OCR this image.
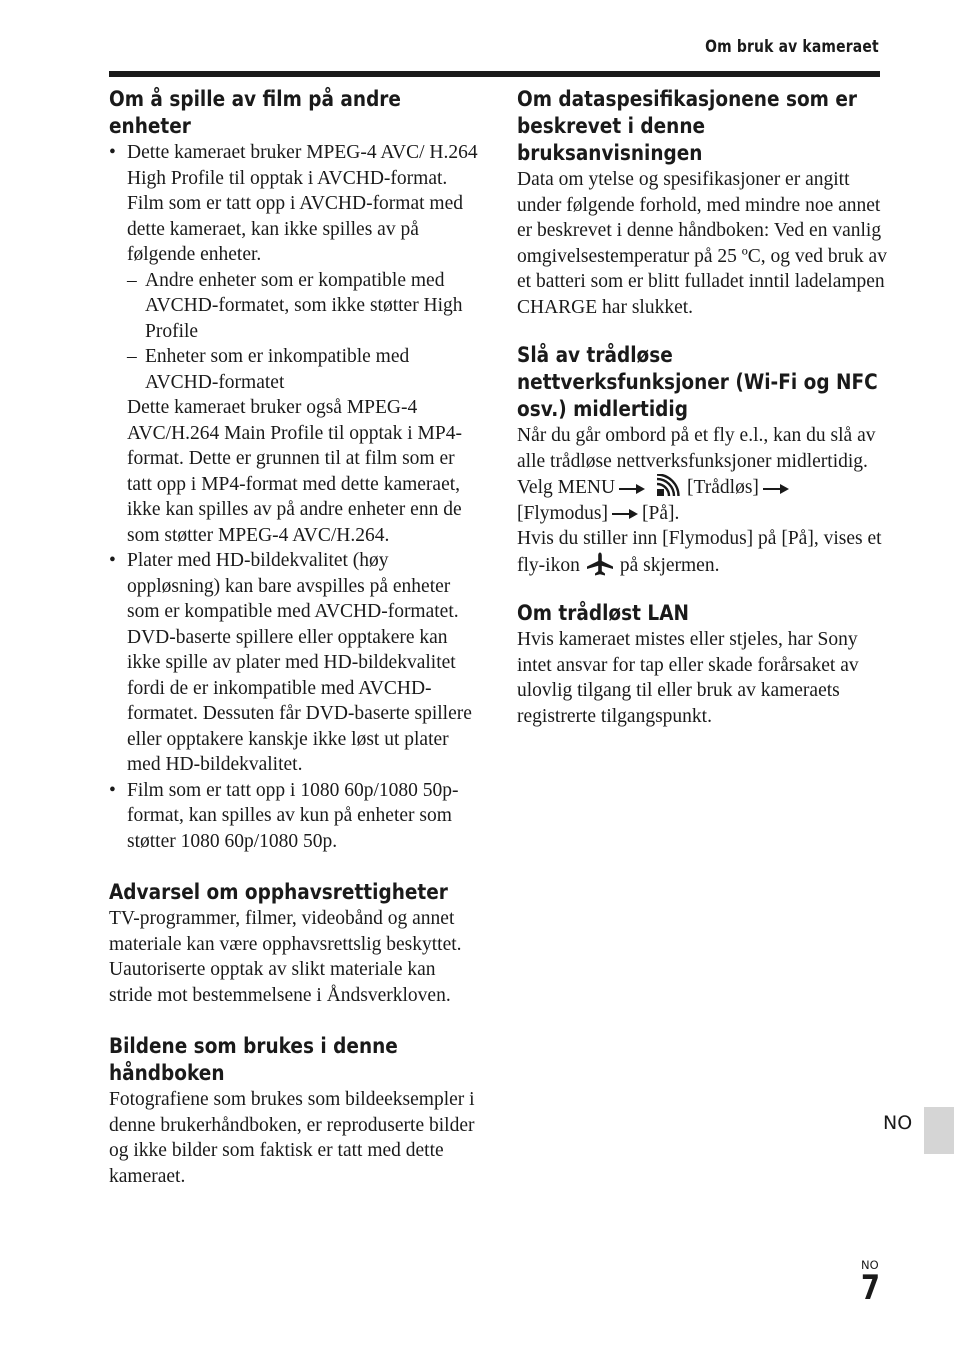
Om bruk av kameraet
Om å spille av film på andre enheter

• Dette kameraet bruker MPEG-4 AVC/ H.264 High Profile til opptak i AVCHD-format. Film som er tatt opp i AVCHD-format med dette kameraet, kan ikke spilles av på følgende enheter.

– Andre enheter som er kompatible med AVCHD-formatet, som ikke støtter High Profile
– Enheter som er inkompatible med AVCHD-formatet

Dette kameraet bruker også MPEG-4 AVC/H.264 Main Profile til opptak i MP4-format. Dette er grunnen til at film som er tatt opp i MP4-format med dette kameraet, ikke kan spilles av på andre enheter enn de som støtter MPEG-4 AVC/H.264.

• Plater med HD-bildekvalitet (høy oppløsning) kan bare avspilles på enheter som er kompatible med AVCHD-formatet. DVD-baserte spillere eller opptakere kan ikke spille av plater med HD-bildekvalitet fordi de er inkompatible med AVCHD-formatet. Dessuten får DVD-baserte spillere eller opptakere kanskje ikke løst ut plater med HD-bildekvalitet.
• Film som er tatt opp i 1080 60p/1080 50p-format, kan spilles av kun på enheter som støtter 1080 60p/1080 50p.
Advarsel om opphavsrettigheter

TV-programmer, filmer, videobånd og annet materiale kan være opphavsrettslig beskyttet. Uautoriserte opptak av slikt materiale kan stride mot bestemmelsene i Åndsverkloven.

Bildene som brukes i denne håndboken

Fotografiene som brukes som bildeeksempler i denne brukerhåndboken, er reproduserte bilder og ikke bilder som faktisk er tatt med dette kameraet.

Om dataspesifikasjonene som er beskrevet i denne bruksanvisningen

Data om ytelse og spesifikasjoner er angitt under følgende forhold, med mindre noe annet er beskrevet i denne håndboken: Ved en vanlig omgivelsestemperatur på 25 ºC, og ved bruk av et batteri som er blitt fulladet inntil ladelampen CHARGE har slukket.

Slå av trådløse nettverksfunksjoner (Wi-Fi og NFC osv.) midlertidig

Når du går ombord på et fly e.l., kan du slå av alle trådløse nettverksfunksjoner midlertidig.

Velg MENU	[Trådløs]
[Flymodus] [På].

Hvis du stiller inn [Flymodus] på [På], vises et fly-ikon på skjermen.

Om trådløst LAN

Hvis kameraet mistes eller stjeles, har Sony intet ansvar for tap eller skade forårsaket av ulovlig tilgang til eller bruk av kameraets registrerte tilgangspunkt.

NO
NO
7
